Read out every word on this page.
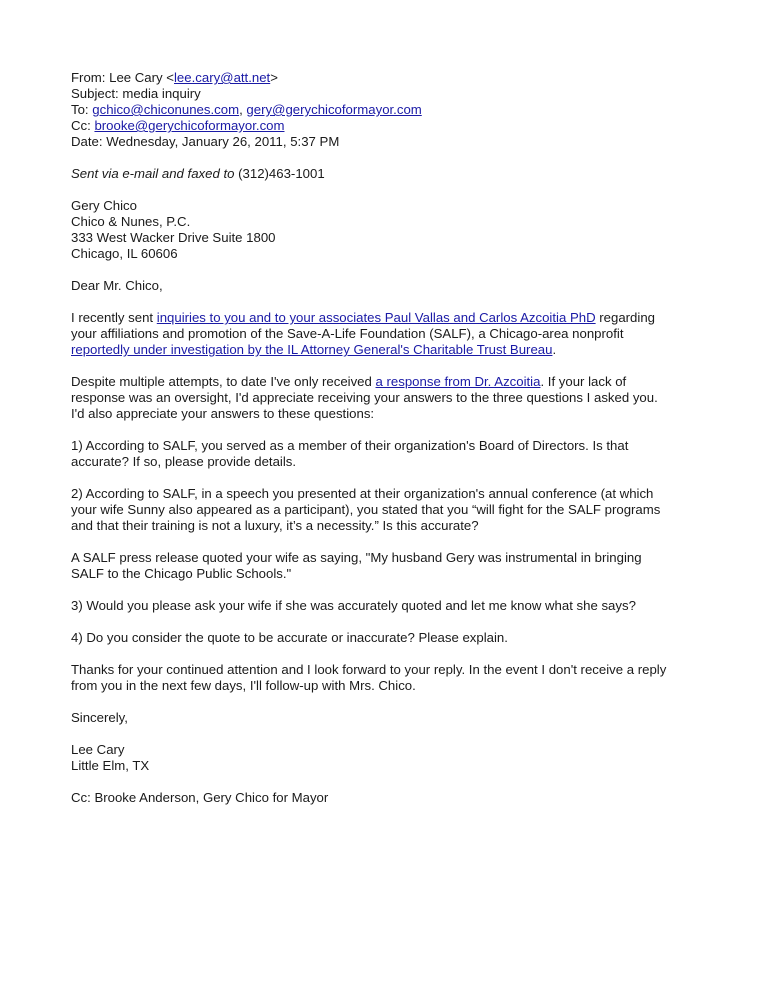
From: Lee Cary <lee.cary@att.net>
Subject: media inquiry
To: gchico@chiconunes.com, gery@gerychicoformayor.com
Cc: brooke@gerychicoformayor.com
Date: Wednesday, January 26, 2011, 5:37 PM
Sent via e-mail and faxed to (312)463-1001
Gery Chico
Chico & Nunes, P.C.
333 West Wacker Drive Suite 1800
Chicago, IL 60606
Dear Mr. Chico,
I recently sent inquiries to you and to your associates Paul Vallas and Carlos Azcoitia PhD regarding
your affiliations and promotion of the Save-A-Life Foundation (SALF), a Chicago-area nonprofit
reportedly under investigation by the IL Attorney General's Charitable Trust Bureau.
Despite multiple attempts, to date I've only received a response from Dr. Azcoitia. If your lack of
response was an oversight, I'd appreciate receiving your answers to the three questions I asked you.
I'd also appreciate your answers to these questions:
1) According to SALF, you served as a member of their organization's Board of Directors. Is that
accurate? If so, please provide details.
2) According to SALF, in a speech you presented at their organization's annual conference (at which
your wife Sunny also appeared as a participant), you stated that you “will fight for the SALF programs
and that their training is not a luxury, it’s a necessity.” Is this accurate?
A SALF press release quoted your wife as saying, "My husband Gery was instrumental in bringing
SALF to the Chicago Public Schools."
3) Would you please ask your wife if she was accurately quoted and let me know what she says?
4) Do you consider the quote to be accurate or inaccurate? Please explain.
Thanks for your continued attention and I look forward to your reply. In the event I don't receive a reply
from you in the next few days, I'll follow-up with Mrs. Chico.
Sincerely,
Lee Cary
Little Elm, TX
Cc: Brooke Anderson, Gery Chico for Mayor
